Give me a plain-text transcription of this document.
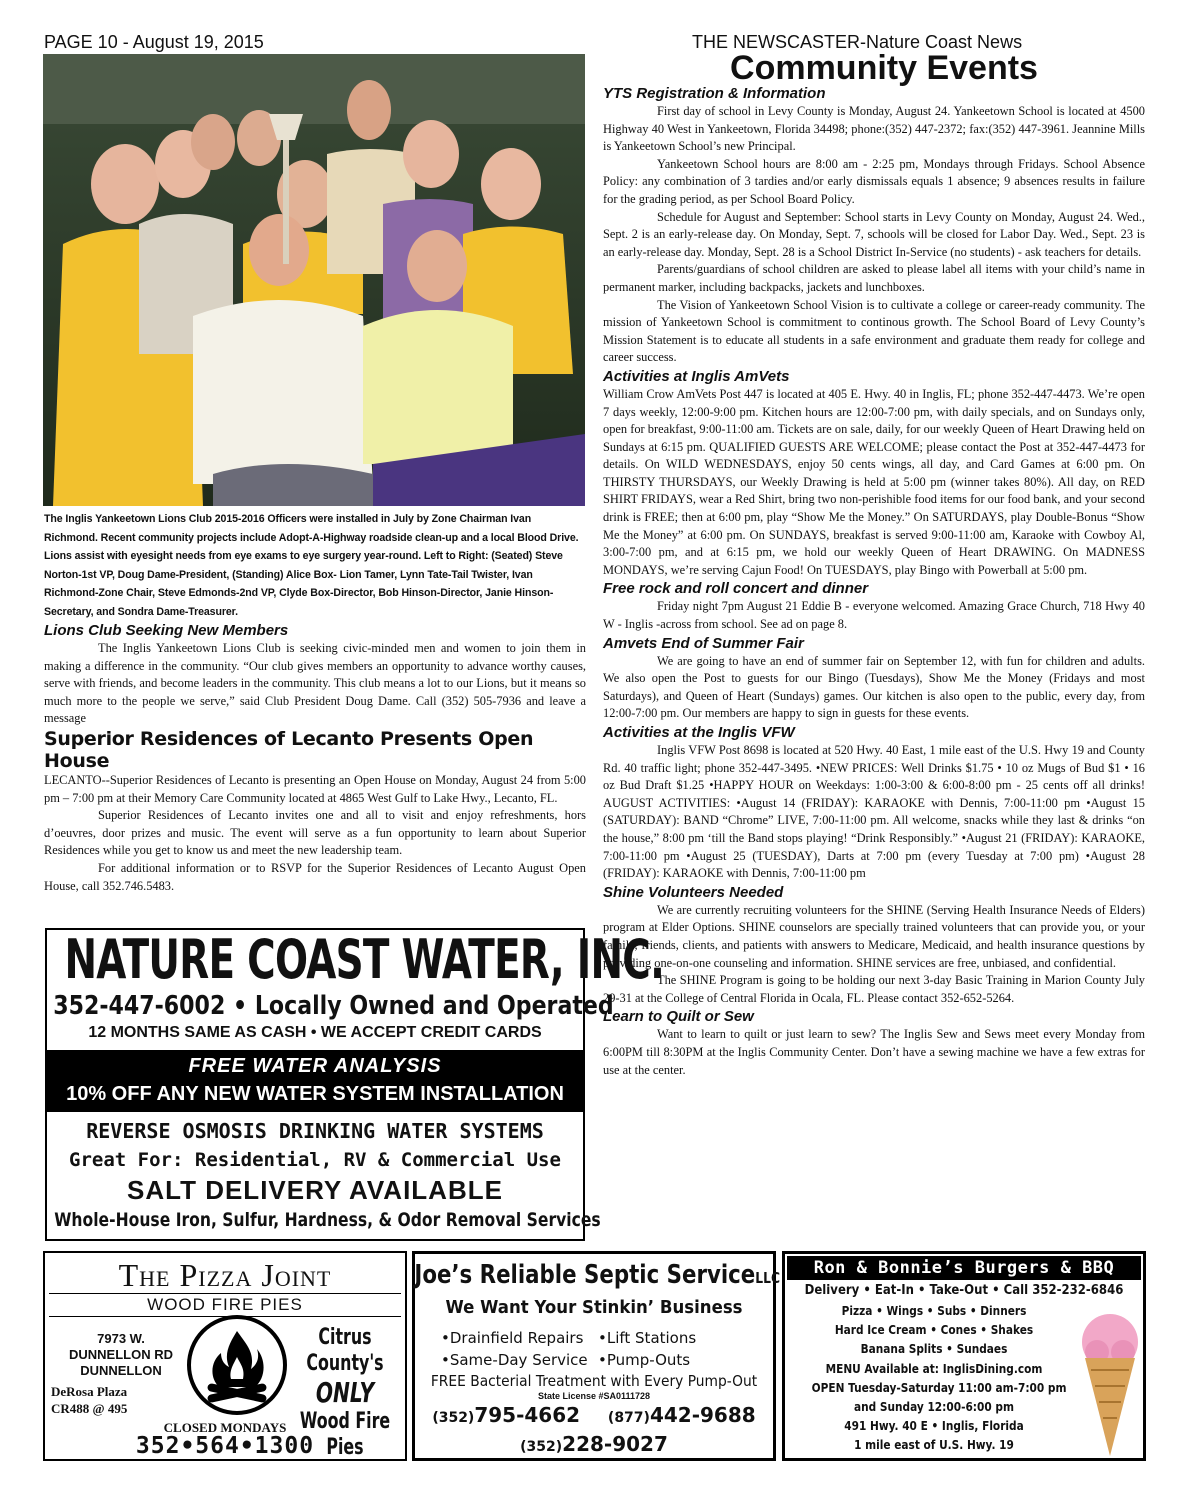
PAGE 10 - August 19, 2015	THE NEWSCASTER-Nature Coast News
Community Events
The Inglis Yankeetown Lions Club 2015-2016 Officers were installed in July by Zone Chairman Ivan Richmond. Recent community projects include Adopt-A-Highway roadside clean-up and a local Blood Drive. Lions assist with eyesight needs from eye exams to eye surgery year-round. Left to Right: (Seated) Steve Norton-1st VP, Doug Dame-President, (Standing) Alice Box- Lion Tamer, Lynn Tate-Tail Twister, Ivan Richmond-Zone Chair, Steve Edmonds-2nd VP, Clyde Box-Director, Bob Hinson-Director, Janie Hinson-Secretary, and Sondra Dame-Treasurer.
Lions Club Seeking New Members

The Inglis Yankeetown Lions Club is seeking civic-minded men and women to join them in making a difference in the community. “Our club gives members an opportunity to advance worthy causes, serve with friends, and become leaders in the community. This club means a lot to our Lions, but it means so much more to the people we serve,” said Club President Doug Dame. Call (352) 505-7936 and leave a message

Superior Residences of Lecanto Presents Open House

LECANTO--Superior Residences of Lecanto is presenting an Open House on Monday, August 24 from 5:00 pm – 7:00 pm at their Memory Care Community located at 4865 West Gulf to Lake Hwy., Lecanto, FL.

Superior Residences of Lecanto invites one and all to visit and enjoy refreshments, hors d’oeuvres, door prizes and music. The event will serve as a fun opportunity to learn about Superior Residences while you get to know us and meet the new leadership team.

For additional information or to RSVP for the Superior Residences of Lecanto August Open House, call 352.746.5483.

YTS Registration & Information

First day of school in Levy County is Monday, August 24. Yankeetown School is located at 4500 Highway 40 West in Yankeetown, Florida 34498; phone:(352) 447-2372; fax:(352) 447-3961. Jeannine Mills is Yankeetown School’s new Principal.

Yankeetown School hours are 8:00 am - 2:25 pm, Mondays through Fridays. School Absence Policy: any combination of 3 tardies and/or early dismissals equals 1 absence; 9 absences results in failure for the grading period, as per School Board Policy.

Schedule for August and September: School starts in Levy County on Monday, August 24. Wed., Sept. 2 is an early-release day. On Monday, Sept. 7, schools will be closed for Labor Day. Wed., Sept. 23 is an early-release day. Monday, Sept. 28 is a School District In-Service (no students) - ask teachers for details.

Parents/guardians of school children are asked to please label all items with your child’s name in permanent marker, including backpacks, jackets and lunchboxes.

The Vision of Yankeetown School Vision is to cultivate a college or career-ready community. The mission of Yankeetown School is commitment to continous growth. The School Board of Levy County’s Mission Statement is to educate all students in a safe environment and graduate them ready for college and career success.

Activities at Inglis AmVets

William Crow AmVets Post 447 is located at 405 E. Hwy. 40 in Inglis, FL; phone 352-447-4473. We’re open 7 days weekly, 12:00-9:00 pm. Kitchen hours are 12:00-7:00 pm, with daily specials, and on Sundays only, open for breakfast, 9:00-11:00 am. Tickets are on sale, daily, for our weekly Queen of Heart Drawing held on Sundays at 6:15 pm. QUALIFIED GUESTS ARE WELCOME; please contact the Post at 352-447-4473 for details. On WILD WEDNESDAYS, enjoy 50 cents wings, all day, and Card Games at 6:00 pm. On THIRSTY THURSDAYS, our Weekly Drawing is held at 5:00 pm (winner takes 80%). All day, on RED SHIRT FRIDAYS, wear a Red Shirt, bring two non-perishible food items for our food bank, and your second drink is FREE; then at 6:00 pm, play “Show Me the Money.” On SATURDAYS, play Double-Bonus “Show Me the Money” at 6:00 pm. On SUNDAYS, breakfast is served 9:00-11:00 am, Karaoke with Cowboy Al, 3:00-7:00 pm, and at 6:15 pm, we hold our weekly Queen of Heart DRAWING. On MADNESS MONDAYS, we’re serving Cajun Food! On TUESDAYS, play Bingo with Powerball at 5:00 pm.

Free rock and roll concert and dinner

Friday night 7pm August 21 Eddie B - everyone welcomed. Amazing Grace Church, 718 Hwy 40 W - Inglis -across from school. See ad on page 8.

Amvets End of Summer Fair

We are going to have an end of summer fair on September 12, with fun for children and adults. We also open the Post to guests for our Bingo (Tuesdays), Show Me the Money (Fridays and most Saturdays), and Queen of Heart (Sundays) games. Our kitchen is also open to the public, every day, from 12:00-7:00 pm. Our members are happy to sign in guests for these events.

Activities at the Inglis VFW

Inglis VFW Post 8698 is located at 520 Hwy. 40 East, 1 mile east of the U.S. Hwy 19 and County Rd. 40 traffic light; phone 352-447-3495. •NEW PRICES: Well Drinks $1.75 • 10 oz Mugs of Bud $1 • 16 oz Bud Draft $1.25 •HAPPY HOUR on Weekdays: 1:00-3:00 & 6:00-8:00 pm - 25 cents off all drinks! AUGUST ACTIVITIES: •August 14 (FRIDAY): KARAOKE with Dennis, 7:00-11:00 pm •August 15 (SATURDAY): BAND “Chrome” LIVE, 7:00-11:00 pm. All welcome, snacks while they last & drinks “on the house,” 8:00 pm ‘till the Band stops playing! “Drink Responsibly.” •August 21 (FRIDAY): KARAOKE, 7:00-11:00 pm •August 25 (TUESDAY), Darts at 7:00 pm (every Tuesday at 7:00 pm) •August 28 (FRIDAY): KARAOKE with Dennis, 7:00-11:00 pm

Shine Volunteers Needed

We are currently recruiting volunteers for the SHINE (Serving Health Insurance Needs of Elders) program at Elder Options. SHINE counselors are specially trained volunteers that can provide you, or your family, friends, clients, and patients with answers to Medicare, Medicaid, and health insurance questions by providing one-on-one counseling and information. SHINE services are free, unbiased, and confidential.

The SHINE Program is going to be holding our next 3-day Basic Training in Marion County July 29-31 at the College of Central Florida in Ocala, FL. Please contact 352-652-5264.

Learn to Quilt or Sew

Want to learn to quilt or just learn to sew? The Inglis Sew and Sews meet every Monday from 6:00PM till 8:30PM at the Inglis Community Center. Don’t have a sewing machine we have a few extras for use at the center.

NATURE COAST WATER, INC.
352-447-6002 • Locally Owned and Operated
12 MONTHS SAME AS CASH • WE ACCEPT CREDIT CARDS
FREE WATER ANALYSIS
10% OFF ANY NEW WATER SYSTEM INSTALLATION
REVERSE OSMOSIS DRINKING WATER SYSTEMS
Great For: Residential, RV & Commercial Use
SALT DELIVERY AVAILABLE
Whole-House Iron, Sulfur, Hardness, & Odor Removal Services
The Pizza Joint
WOOD FIRE PIES
7973 W.
DUNNELLON RD
DUNNELLON
DeRosa Plaza
CR488 @ 495
Citrus County's
ONLY
Wood Fire Pies
CLOSED MONDAYS
352•564•1300
Joe’s Reliable Septic ServiceLLC
We Want Your Stinkin’ Business
•Drainfield Repairs •Lift Stations
•Same-Day Service •Pump-Outs
FREE Bacterial Treatment with Every Pump-Out
State License #SA0111728
(352)795-4662 (877)442-9688
(352)228-9027
Ron & Bonnie’s Burgers & BBQ
Delivery • Eat-In • Take-Out • Call 352-232-6846
Pizza • Wings • Subs • Dinners
Hard Ice Cream • Cones • Shakes
Banana Splits • Sundaes
MENU Available at: InglisDining.com
OPEN Tuesday-Saturday 11:00 am-7:00 pm
and Sunday 12:00-6:00 pm
491 Hwy. 40 E • Inglis, Florida
1 mile east of U.S. Hwy. 19
